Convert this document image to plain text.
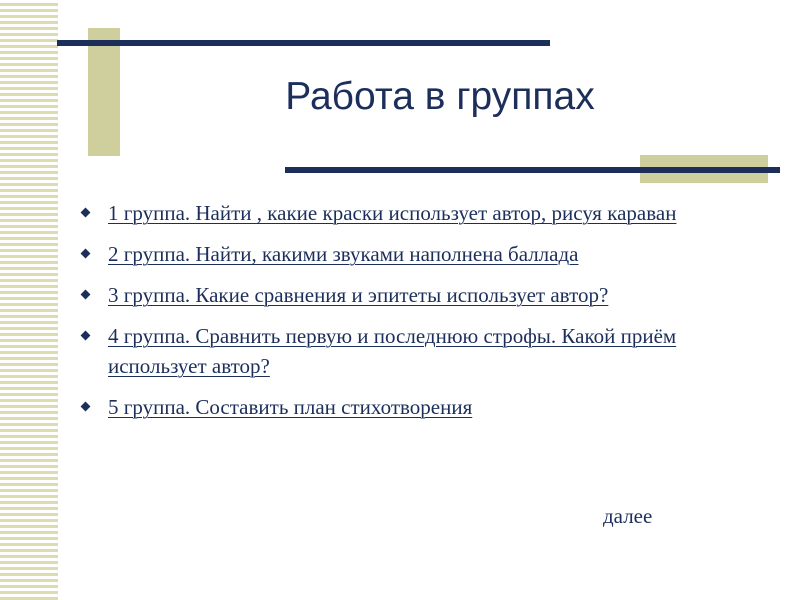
Работа в группах
1 группа. Найти , какие краски использует автор, рисуя караван
2 группа. Найти, какими звуками наполнена баллада
3 группа. Какие сравнения и эпитеты использует автор?
4 группа. Сравнить первую и последнюю строфы. Какой приём использует автор?
5 группа. Составить план стихотворения
далее
